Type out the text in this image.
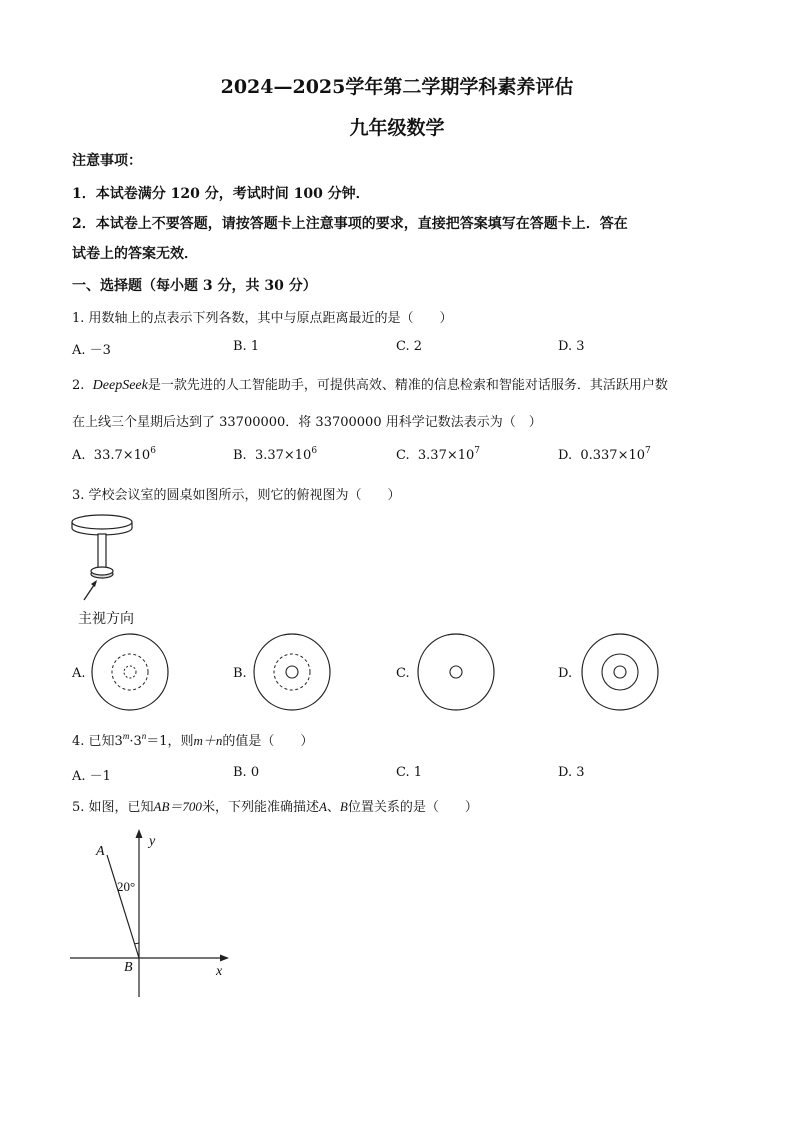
2024—2025学年第二学期学科素养评估
九年级数学
注意事项：
1．本试卷满分 120 分，考试时间 100 分钟．
2．本试卷上不要答题，请按答题卡上注意事项的要求，直接把答案填写在答题卡上．答在
试卷上的答案无效．
一、选择题（每小题 3 分，共 30 分）
1. 用数轴上的点表示下列各数，其中与原点距离最近的是（　　）
A. －3	B. 1	C. 2	D. 3
2. DeepSeek是一款先进的人工智能助手，可提供高效、精准的信息检索和智能对话服务．其活跃用户数
在上线三个星期后达到了 33700000．将 33700000 用科学记数法表示为（　）
A. $33.7\times 10^6$	B. $3.37\times 10^6$	C. $3.37\times 10^7$	D. $0.337\times 10^7$
3. 学校会议室的圆桌如图所示，则它的俯视图为（　　）
主视方向
A.	B.	C.	D.
4. 已知$3^m\cdot 3^n=1$，则m＋n的值是（　　）
A. －1	B. 0	C. 1	D. 3
5. 如图，已知AB＝700米，下列能准确描述A、B位置关系的是（　　）
A
B	x
y
20°
